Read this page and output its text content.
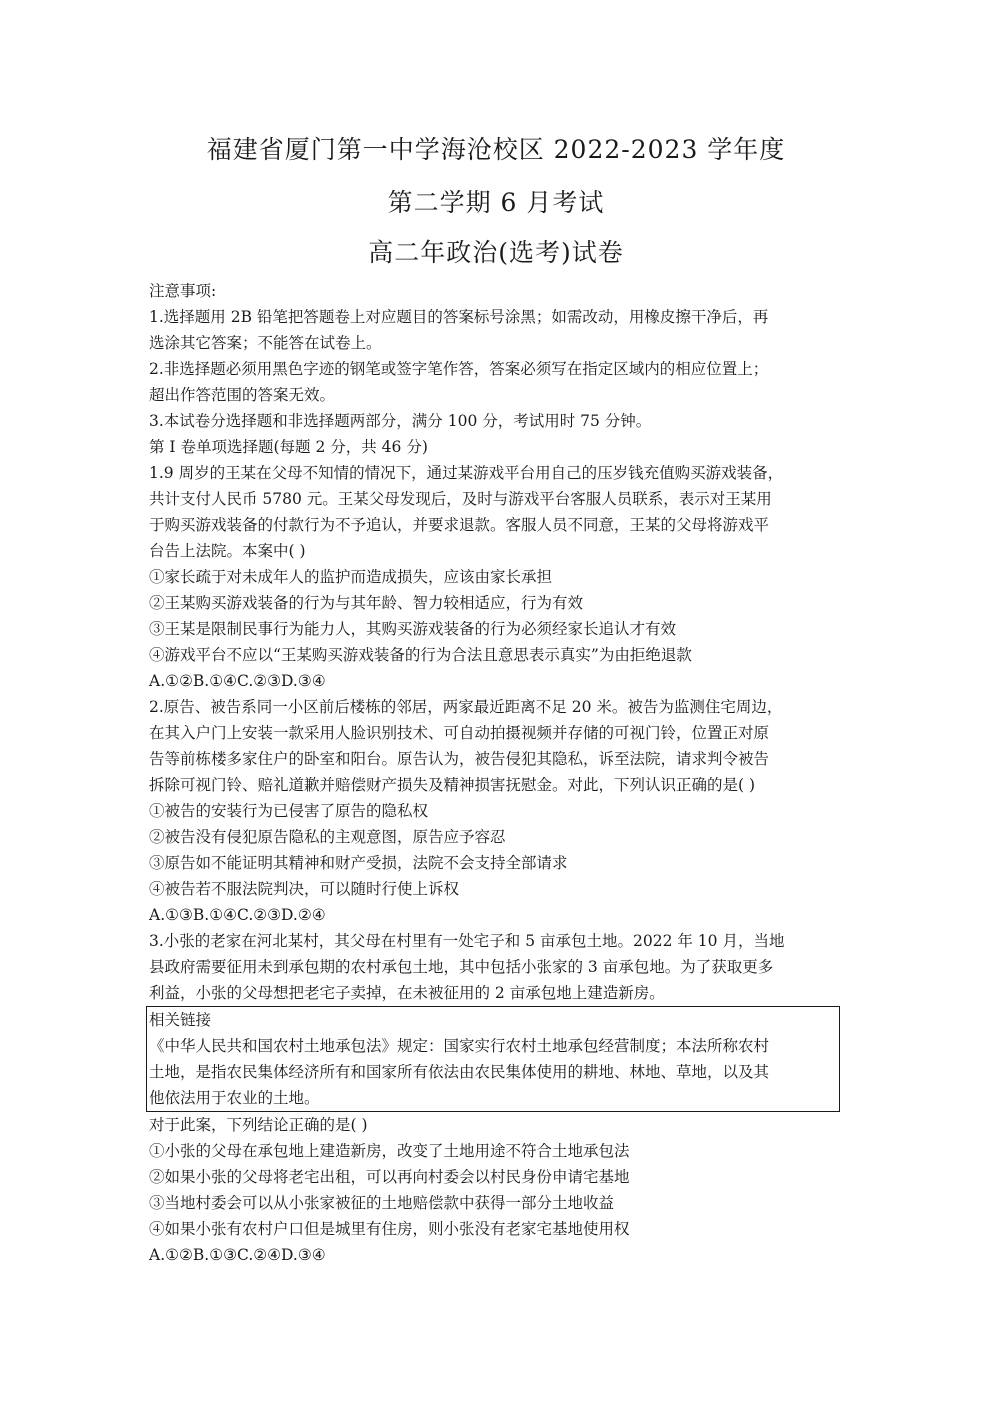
福建省厦门第一中学海沧校区 2022-2023 学年度
第二学期 6 月考试
高二年政治(选考)试卷
注意事项:
1.选择题用 2B 铅笔把答题卷上对应题目的答案标号涂黑；如需改动，用橡皮擦干净后，再
选涂其它答案；不能答在试卷上。
2.非选择题必须用黑色字迹的钢笔或签字笔作答，答案必须写在指定区域内的相应位置上；
超出作答范围的答案无效。
3.本试卷分选择题和非选择题两部分，满分 100 分，考试用时 75 分钟。
第 I 卷单项选择题(每题 2 分，共 46 分)
1.9 周岁的王某在父母不知情的情况下，通过某游戏平台用自己的压岁钱充值购买游戏装备，
共计支付人民币 5780 元。王某父母发现后，及时与游戏平台客服人员联系，表示对王某用
于购买游戏装备的付款行为不予追认，并要求退款。客服人员不同意，王某的父母将游戏平
台告上法院。本案中( )
①家长疏于对未成年人的监护而造成损失，应该由家长承担
②王某购买游戏装备的行为与其年龄、智力较相适应，行为有效
③王某是限制民事行为能力人，其购买游戏装备的行为必须经家长追认才有效
④游戏平台不应以“王某购买游戏装备的行为合法且意思表示真实”为由拒绝退款
A.①②B.①④C.②③D.③④
2.原告、被告系同一小区前后楼栋的邻居，两家最近距离不足 20 米。被告为监测住宅周边，
在其入户门上安装一款采用人脸识别技术、可自动拍摄视频并存储的可视门铃，位置正对原
告等前栋楼多家住户的卧室和阳台。原告认为，被告侵犯其隐私，诉至法院，请求判令被告
拆除可视门铃、赔礼道歉并赔偿财产损失及精神损害抚慰金。对此，下列认识正确的是( )
①被告的安装行为已侵害了原告的隐私权
②被告没有侵犯原告隐私的主观意图，原告应予容忍
③原告如不能证明其精神和财产受损，法院不会支持全部请求
④被告若不服法院判决，可以随时行使上诉权
A.①③B.①④C.②③D.②④
3.小张的老家在河北某村，其父母在村里有一处宅子和 5 亩承包土地。2022 年 10 月，当地
县政府需要征用未到承包期的农村承包土地，其中包括小张家的 3 亩承包地。为了获取更多
利益，小张的父母想把老宅子卖掉，在未被征用的 2 亩承包地上建造新房。
相关链接
《中华人民共和国农村土地承包法》规定：国家实行农村土地承包经营制度；本法所称农村
土地，是指农民集体经济所有和国家所有依法由农民集体使用的耕地、林地、草地，以及其
他依法用于农业的土地。
对于此案，下列结论正确的是( )
①小张的父母在承包地上建造新房，改变了土地用途不符合土地承包法
②如果小张的父母将老宅出租，可以再向村委会以村民身份申请宅基地
③当地村委会可以从小张家被征的土地赔偿款中获得一部分土地收益
④如果小张有农村户口但是城里有住房，则小张没有老家宅基地使用权
A.①②B.①③C.②④D.③④
